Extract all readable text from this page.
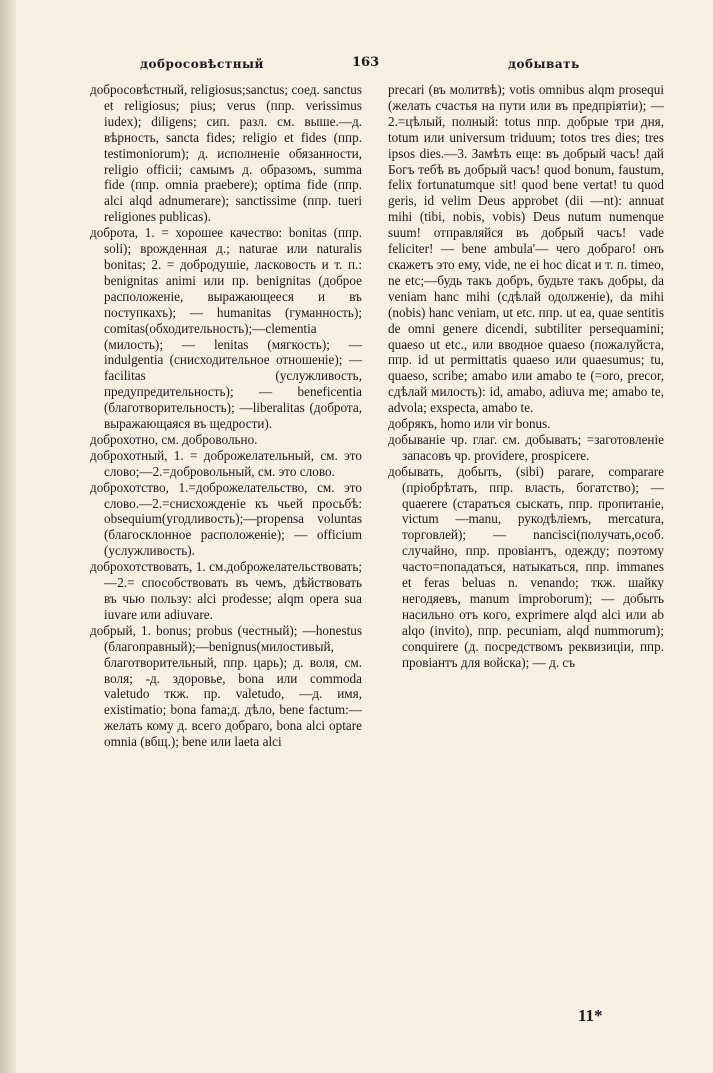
добросовѣстный	163	добывать

добросовѣстный, religiosus;sanctus; соед. sanctus et religiosus; pius; verus (ппр. verissimus iudex); diligens; сип. разл. см. выше.—д. вѣрность, sancta fides; religio et fides (ппр. testimoniorum); д. исполненіе обязанности, religio officii; самымъ д. образомъ, summa fide (ппр. omnia praebere); optima fide (ппр. alci alqd adnumerare); sanctissime (ппр. tueri religiones publicas).

доброта, 1. = хорошее качество: bonitas (ппр. soli); врожденная д.; naturae или naturalis bonitas; 2. = добродушіе, ласковость и т. п.: benignitas animi или пр. benignitas (доброе расположеніе, выражающееся и въ поступкахъ); — humanitas (гуманность); comitas(обходительность);—clementia (милость); — lenitas (мягкость); — indulgentia (снисходительное отношеніе); — facilitas (услужливость, предупредительность); — beneficentia (благотворительность); —liberalitas (доброта, выражающаяся въ щедрости).

доброхотно, см. добровольно.

доброхотный, 1. = доброжелательный, см. это слово;—2.=добровольный, см. это слово.

доброхотство, 1.=доброжелательство, см. это слово.—2.=снисхожденіе къ чьей просьбѣ: obsequium(угодливость);—propensa voluntas (благосклонное расположеніе); — officium (услужливость).

доброхотствовать, 1. см.доброжелательствовать;—2.= способствовать въ чемъ, дѣйствовать въ чью пользу: alci prodesse; alqm opera sua iuvare или adiuvare.

добрый, 1. bonus; probus (честный); —honestus (благоправный);—benignus(милостивый, благотворительный, ппр. царь); д. воля, см. воля; -д. здоровье, bona или commoda valetudo ткж. пр. valetudo, —д. имя, existimatio; bona fama;д. дѣло, bene factum:—желать кому д. всего добраго, bona alci optare omnia (вбщ.); bene или laeta alci

precari (въ молитвѣ); votis omnibus alqm prosequi (желать счастья на пути или въ предпріятіи); —2.=цѣлый, полный: totus ппр. добрые три дня, totum или universum triduum; totos tres dies; tres ipsos dies.—3. Замѣть еще: въ добрый часъ! дай Богъ тебѣ въ добрый часъ! quod bonum, faustum, felix fortunatumque sit! quod bene vertat! tu quod geris, id velim Deus approbet (dii —nt): annuat mihi (tibi, nobis, vobis) Deus nutum numenque suum! отправляйся въ добрый часъ! vade feliciter! — bene ambula'— чего добраго! онъ скажетъ это ему, vide, ne ei hoc dicat и т. п. timeo, ne etc;—будь такъ добръ, будьте такъ добры, da veniam hanc mihi (сдѣлай одолженіе), da mihi (nobis) hanc veniam, ut etc. ппр. ut ea, quae sentitis de omni genere dicendi, subtiliter persequamini; quaeso ut etc., или вводное quaeso (пожалуйста, ппр. id ut permittatis quaeso или quaesumus; tu, quaeso, scribe; amabo или amabo te (=oro, precor, сдѣлай милость): id, amabo, adiuva me; amabo te, advola; exspecta, amabo te.

добрякъ, homo или vir bonus.

добываніе чр. глаг. см. добывать; =заготовленіе запасовъ чр. providere, prospicere.

добывать, добыть, (sibi) parare, comparare (пріобрѣтать, ппр. власть, богатство); — quaerere (стараться сыскать, ппр. пропитаніе, victum —manu, рукодѣліемъ, mercatura, торговлей); — nancisci(получать,особ. случайно, ппр. провіантъ, одежду; поэтому часто=попадаться, натыкаться, ппр. immanes et feras beluas n. venando; ткж. шайку негодяевъ, manum improborum); — добыть насильно отъ кого, exprimere alqd alci или ab alqo (invito), ппр. pecuniam, alqd nummorum); conquirere (д. посредствомъ реквизиціи, ппр. провіантъ для войска); — д. съ

11*
